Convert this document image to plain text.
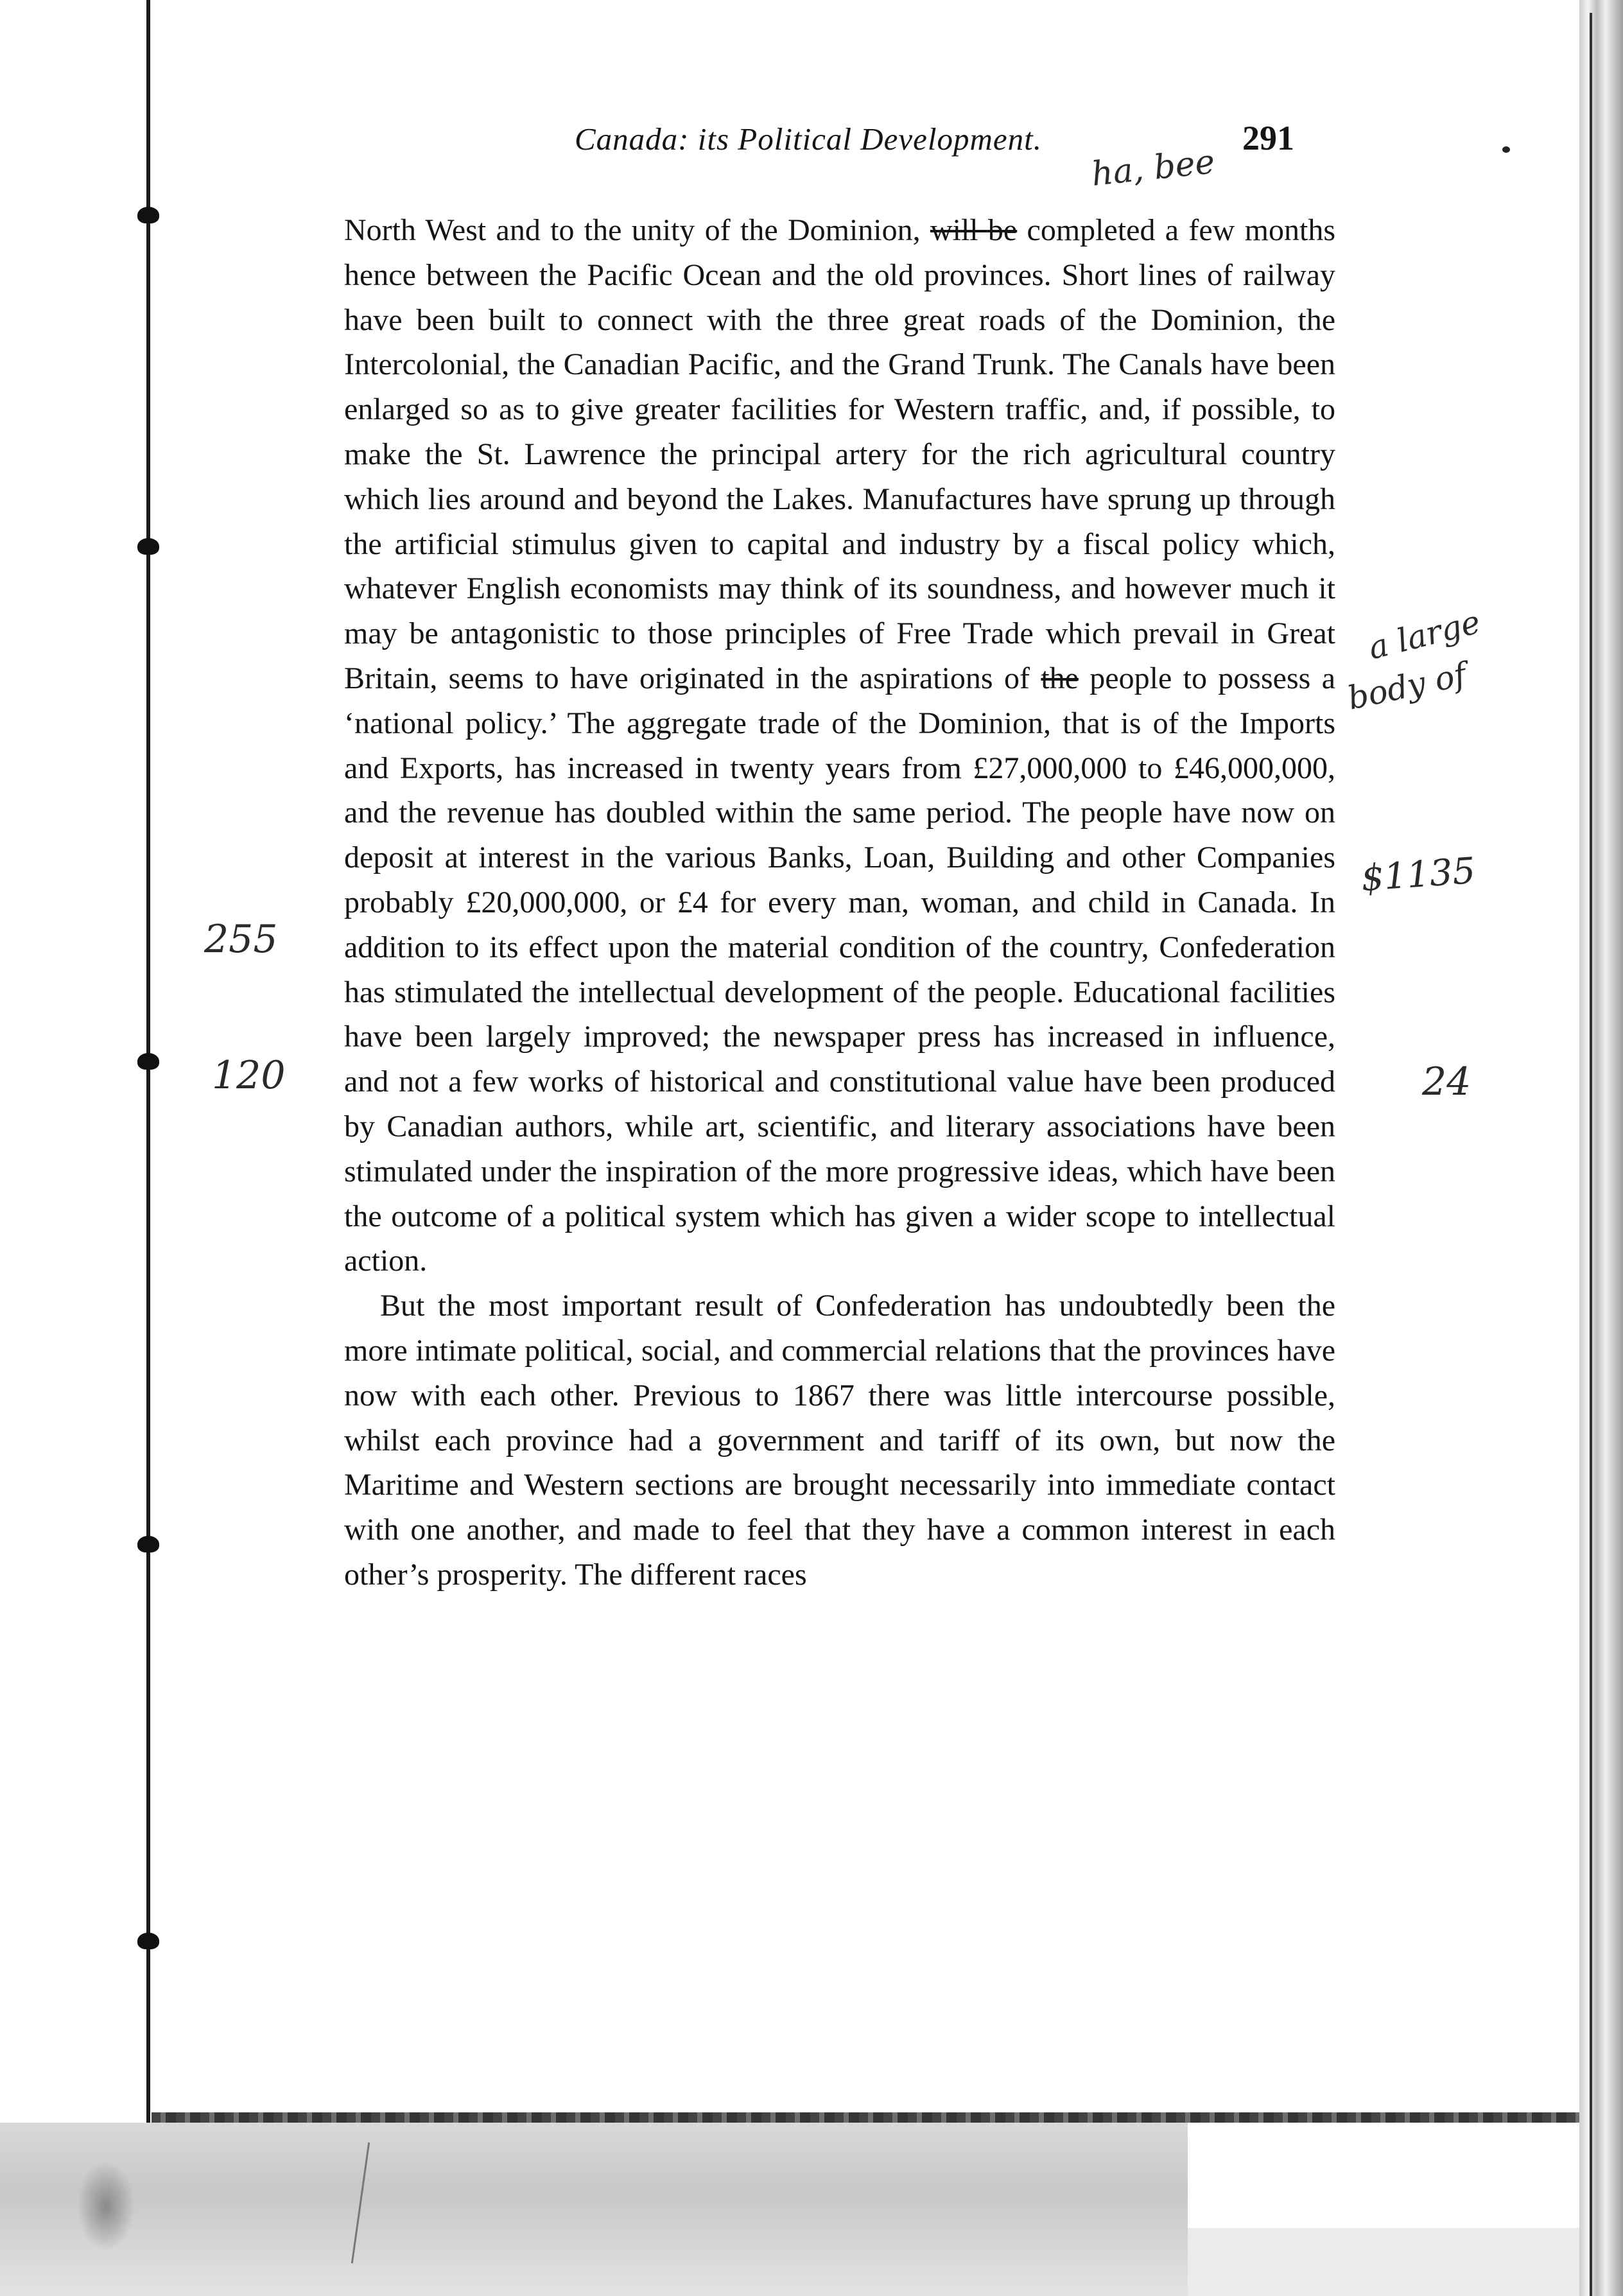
Canada: its Political Development.	291

North West and to the unity of the Dominion, will be completed a few months hence between the Pacific Ocean and the old provinces. Short lines of railway have been built to connect with the three great roads of the Dominion, the Intercolonial, the Canadian Pacific, and the Grand Trunk. The Canals have been enlarged so as to give greater facilities for Western traffic, and, if possible, to make the St. Lawrence the principal artery for the rich agricultural country which lies around and beyond the Lakes. Manufactures have sprung up through the artificial stimulus given to capital and industry by a fiscal policy which, whatever English economists may think of its soundness, and however much it may be antagonistic to those principles of Free Trade which prevail in Great Britain, seems to have originated in the aspirations of the people to possess a ‘national policy.’ The aggregate trade of the Dominion, that is of the Imports and Exports, has increased in twenty years from £27,000,000 to £46,000,000, and the revenue has doubled within the same period. The people have now on deposit at interest in the various Banks, Loan, Building and other Companies probably £20,000,000, or £4 for every man, woman, and child in Canada. In addition to its effect upon the material condition of the country, Confederation has stimulated the intellectual development of the people. Educational facilities have been largely improved; the newspaper press has increased in influence, and not a few works of historical and constitutional value have been produced by Canadian authors, while art, scientific, and literary associations have been stimulated under the inspiration of the more progressive ideas, which have been the outcome of a political system which has given a wider scope to intellectual action.

But the most important result of Confederation has undoubtedly been the more intimate political, social, and commercial relations that the provinces have now with each other. Previous to 1867 there was little intercourse possible, whilst each province had a government and tariff of its own, but now the Maritime and Western sections are brought necessarily into immediate contact with one another, and made to feel that they have a common interest in each other’s prosperity. The different races

ha, bee
255
120
a large
body of
$1135
24
